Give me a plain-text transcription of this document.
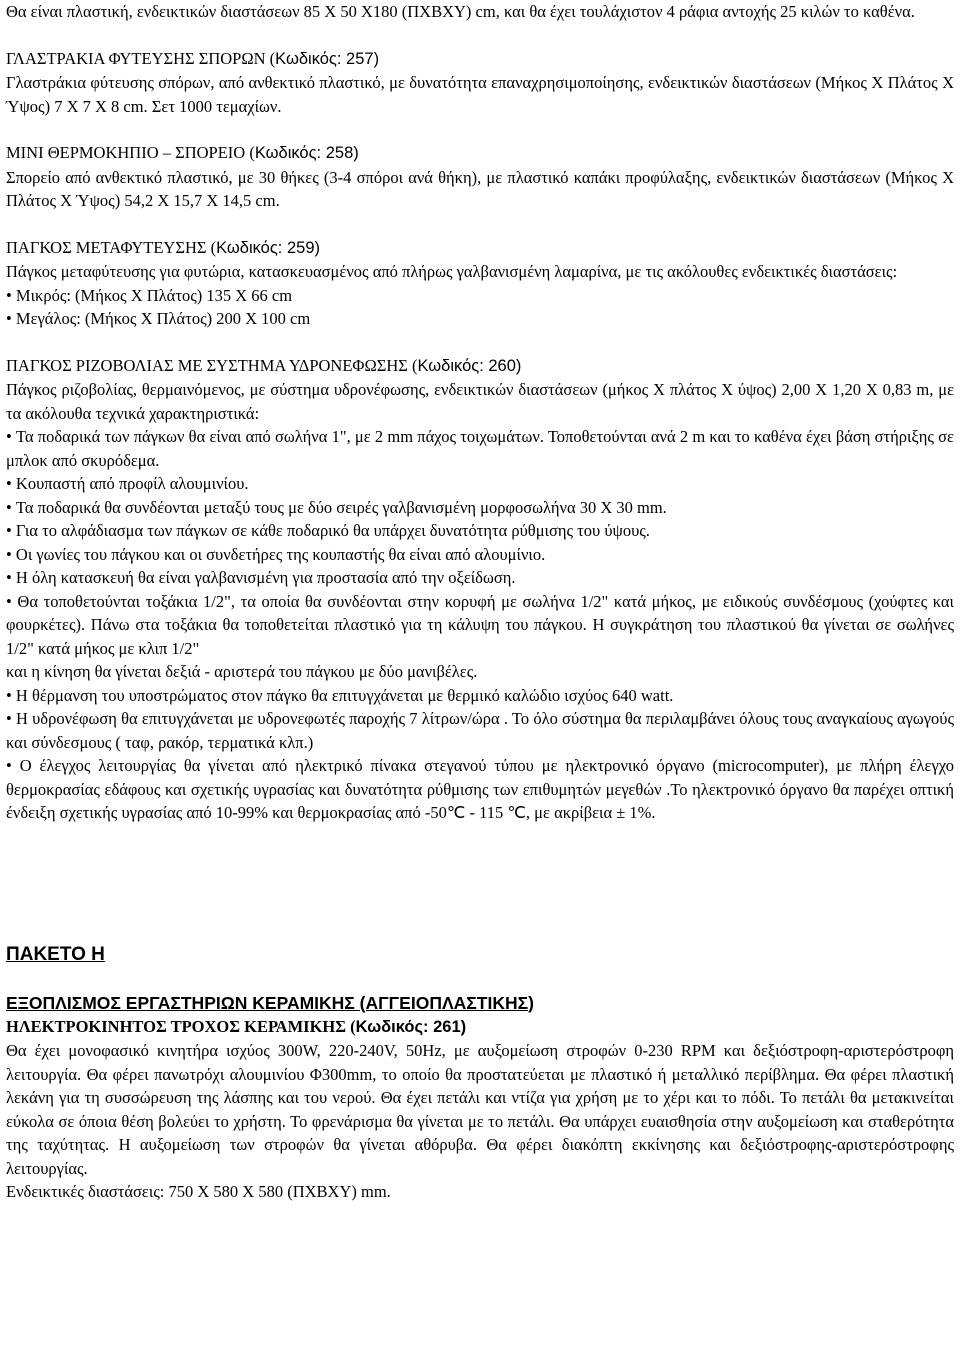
Θα είναι πλαστική, ενδεικτικών διαστάσεων 85 Χ 50 Χ180 (ΠΧΒΧΥ) cm, και θα έχει τουλάχιστον 4 ράφια αντοχής 25 κιλών το καθένα.

ΓΛΑΣΤΡΑΚΙΑ ΦΥΤΕΥΣΗΣ ΣΠΟΡΩΝ (Κωδικός: 257)

Γλαστράκια φύτευσης σπόρων, από ανθεκτικό πλαστικό, με δυνατότητα επαναχρησιμοποίησης, ενδεικτικών διαστάσεων (Μήκος Χ Πλάτος Χ Ύψος) 7 Χ 7 Χ 8 cm. Σετ 1000 τεμαχίων.

ΜΙΝΙ ΘΕΡΜΟΚΗΠΙΟ – ΣΠΟΡΕΙΟ (Κωδικός: 258)

Σπορείο από ανθεκτικό πλαστικό, με 30 θήκες (3-4 σπόροι ανά θήκη), με πλαστικό καπάκι προφύλαξης, ενδεικτικών διαστάσεων (Μήκος Χ Πλάτος Χ Ύψος) 54,2 Χ 15,7 Χ 14,5 cm.

ΠΑΓΚΟΣ ΜΕΤΑΦΥΤΕΥΣΗΣ (Κωδικός: 259)

Πάγκος μεταφύτευσης για φυτώρια, κατασκευασμένος από πλήρως γαλβανισμένη λαμαρίνα, με τις ακόλουθες ενδεικτικές διαστάσεις:

• Μικρός: (Μήκος Χ Πλάτος) 135 Χ 66 cm

• Μεγάλος: (Μήκος Χ Πλάτος) 200 Χ 100 cm

ΠΑΓΚΟΣ ΡΙΖΟΒΟΛΙΑΣ ΜΕ ΣΥΣΤΗΜΑ ΥΔΡΟΝΕΦΩΣΗΣ (Κωδικός: 260)

Πάγκος ριζοβολίας, θερμαινόμενος, με σύστημα υδρονέφωσης, ενδεικτικών διαστάσεων (μήκος Χ πλάτος Χ ύψος) 2,00 Χ 1,20 Χ 0,83 m, με τα ακόλουθα τεχνικά χαρακτηριστικά:

• Τα ποδαρικά των πάγκων θα είναι από σωλήνα 1", με 2 mm πάχος τοιχωμάτων. Τοποθετούνται ανά 2 m και το καθένα έχει βάση στήριξης σε μπλοκ από σκυρόδεμα.

• Κουπαστή από προφίλ αλουμινίου.

• Τα ποδαρικά θα συνδέονται μεταξύ τους με δύο σειρές γαλβανισμένη μορφοσωλήνα 30 Χ 30 mm.

• Για το αλφάδιασμα των πάγκων σε κάθε ποδαρικό θα υπάρχει δυνατότητα ρύθμισης του ύψους.

• Οι γωνίες του πάγκου και οι συνδετήρες της κουπαστής θα είναι από αλουμίνιο.

• Η όλη κατασκευή θα είναι γαλβανισμένη για προστασία από την οξείδωση.

• Θα τοποθετούνται τοξάκια 1/2", τα οποία θα συνδέονται στην κορυφή με σωλήνα 1/2" κατά μήκος, με ειδικούς συνδέσμους (χούφτες και φουρκέτες). Πάνω στα τοξάκια θα τοποθετείται πλαστικό για τη κάλυψη του πάγκου. Η συγκράτηση του πλαστικού θα γίνεται σε σωλήνες 1/2" κατά μήκος με κλιπ 1/2"

και η κίνηση θα γίνεται δεξιά - αριστερά του πάγκου με δύο μανιβέλες.

• Η θέρμανση του υποστρώματος στον πάγκο θα επιτυγχάνεται με θερμικό καλώδιο ισχύος 640 watt.

• Η υδρονέφωση θα επιτυγχάνεται με υδρονεφωτές παροχής 7 λίτρων/ώρα . Το όλο σύστημα θα περιλαμβάνει όλους τους αναγκαίους αγωγούς και σύνδεσμους ( ταφ, ρακόρ, τερματικά κλπ.)

• Ο έλεγχος λειτουργίας θα γίνεται από ηλεκτρικό πίνακα στεγανού τύπου με ηλεκτρονικό όργανο (microcomputer), με πλήρη έλεγχο θερμοκρασίας εδάφους και σχετικής υγρασίας και δυνατότητα ρύθμισης των επιθυμητών μεγεθών .Το ηλεκτρονικό όργανο θα παρέχει οπτική ένδειξη σχετικής υγρασίας από 10-99% και θερμοκρασίας από -50℃ - 115 ℃, με ακρίβεια ± 1%.

ΠΑΚΕΤΟ Η

ΕΞΟΠΛΙΣΜΟΣ ΕΡΓΑΣΤΗΡΙΩΝ ΚΕΡΑΜΙΚΗΣ (ΑΓΓΕΙΟΠΛΑΣΤΙΚΗΣ)

ΗΛΕΚΤΡΟΚΙΝΗΤΟΣ ΤΡΟΧΟΣ ΚΕΡΑΜΙΚΗΣ (Κωδικός: 261)

Θα έχει μονοφασικό κινητήρα ισχύος 300W, 220-240V, 50Hz, με αυξομείωση στροφών 0-230 RPM και δεξιόστροφη-αριστερόστροφη λειτουργία. Θα φέρει πανωτρόχι αλουμινίου Φ300mm, το οποίο θα προστατεύεται με πλαστικό ή μεταλλικό περίβλημα. Θα φέρει πλαστική λεκάνη για τη συσσώρευση της λάσπης και του νερού. Θα έχει πετάλι και ντίζα για χρήση με το χέρι και το πόδι. Το πετάλι θα μετακινείται εύκολα σε όποια θέση βολεύει το χρήστη. Το φρενάρισμα θα γίνεται με το πετάλι. Θα υπάρχει ευαισθησία στην αυξομείωση και σταθερότητα της ταχύτητας. Η αυξομείωση των στροφών θα γίνεται αθόρυβα. Θα φέρει διακόπτη εκκίνησης και δεξιόστροφης-αριστερόστροφης λειτουργίας.

Ενδεικτικές διαστάσεις: 750 Χ 580 Χ 580 (ΠΧΒΧΥ) mm.
